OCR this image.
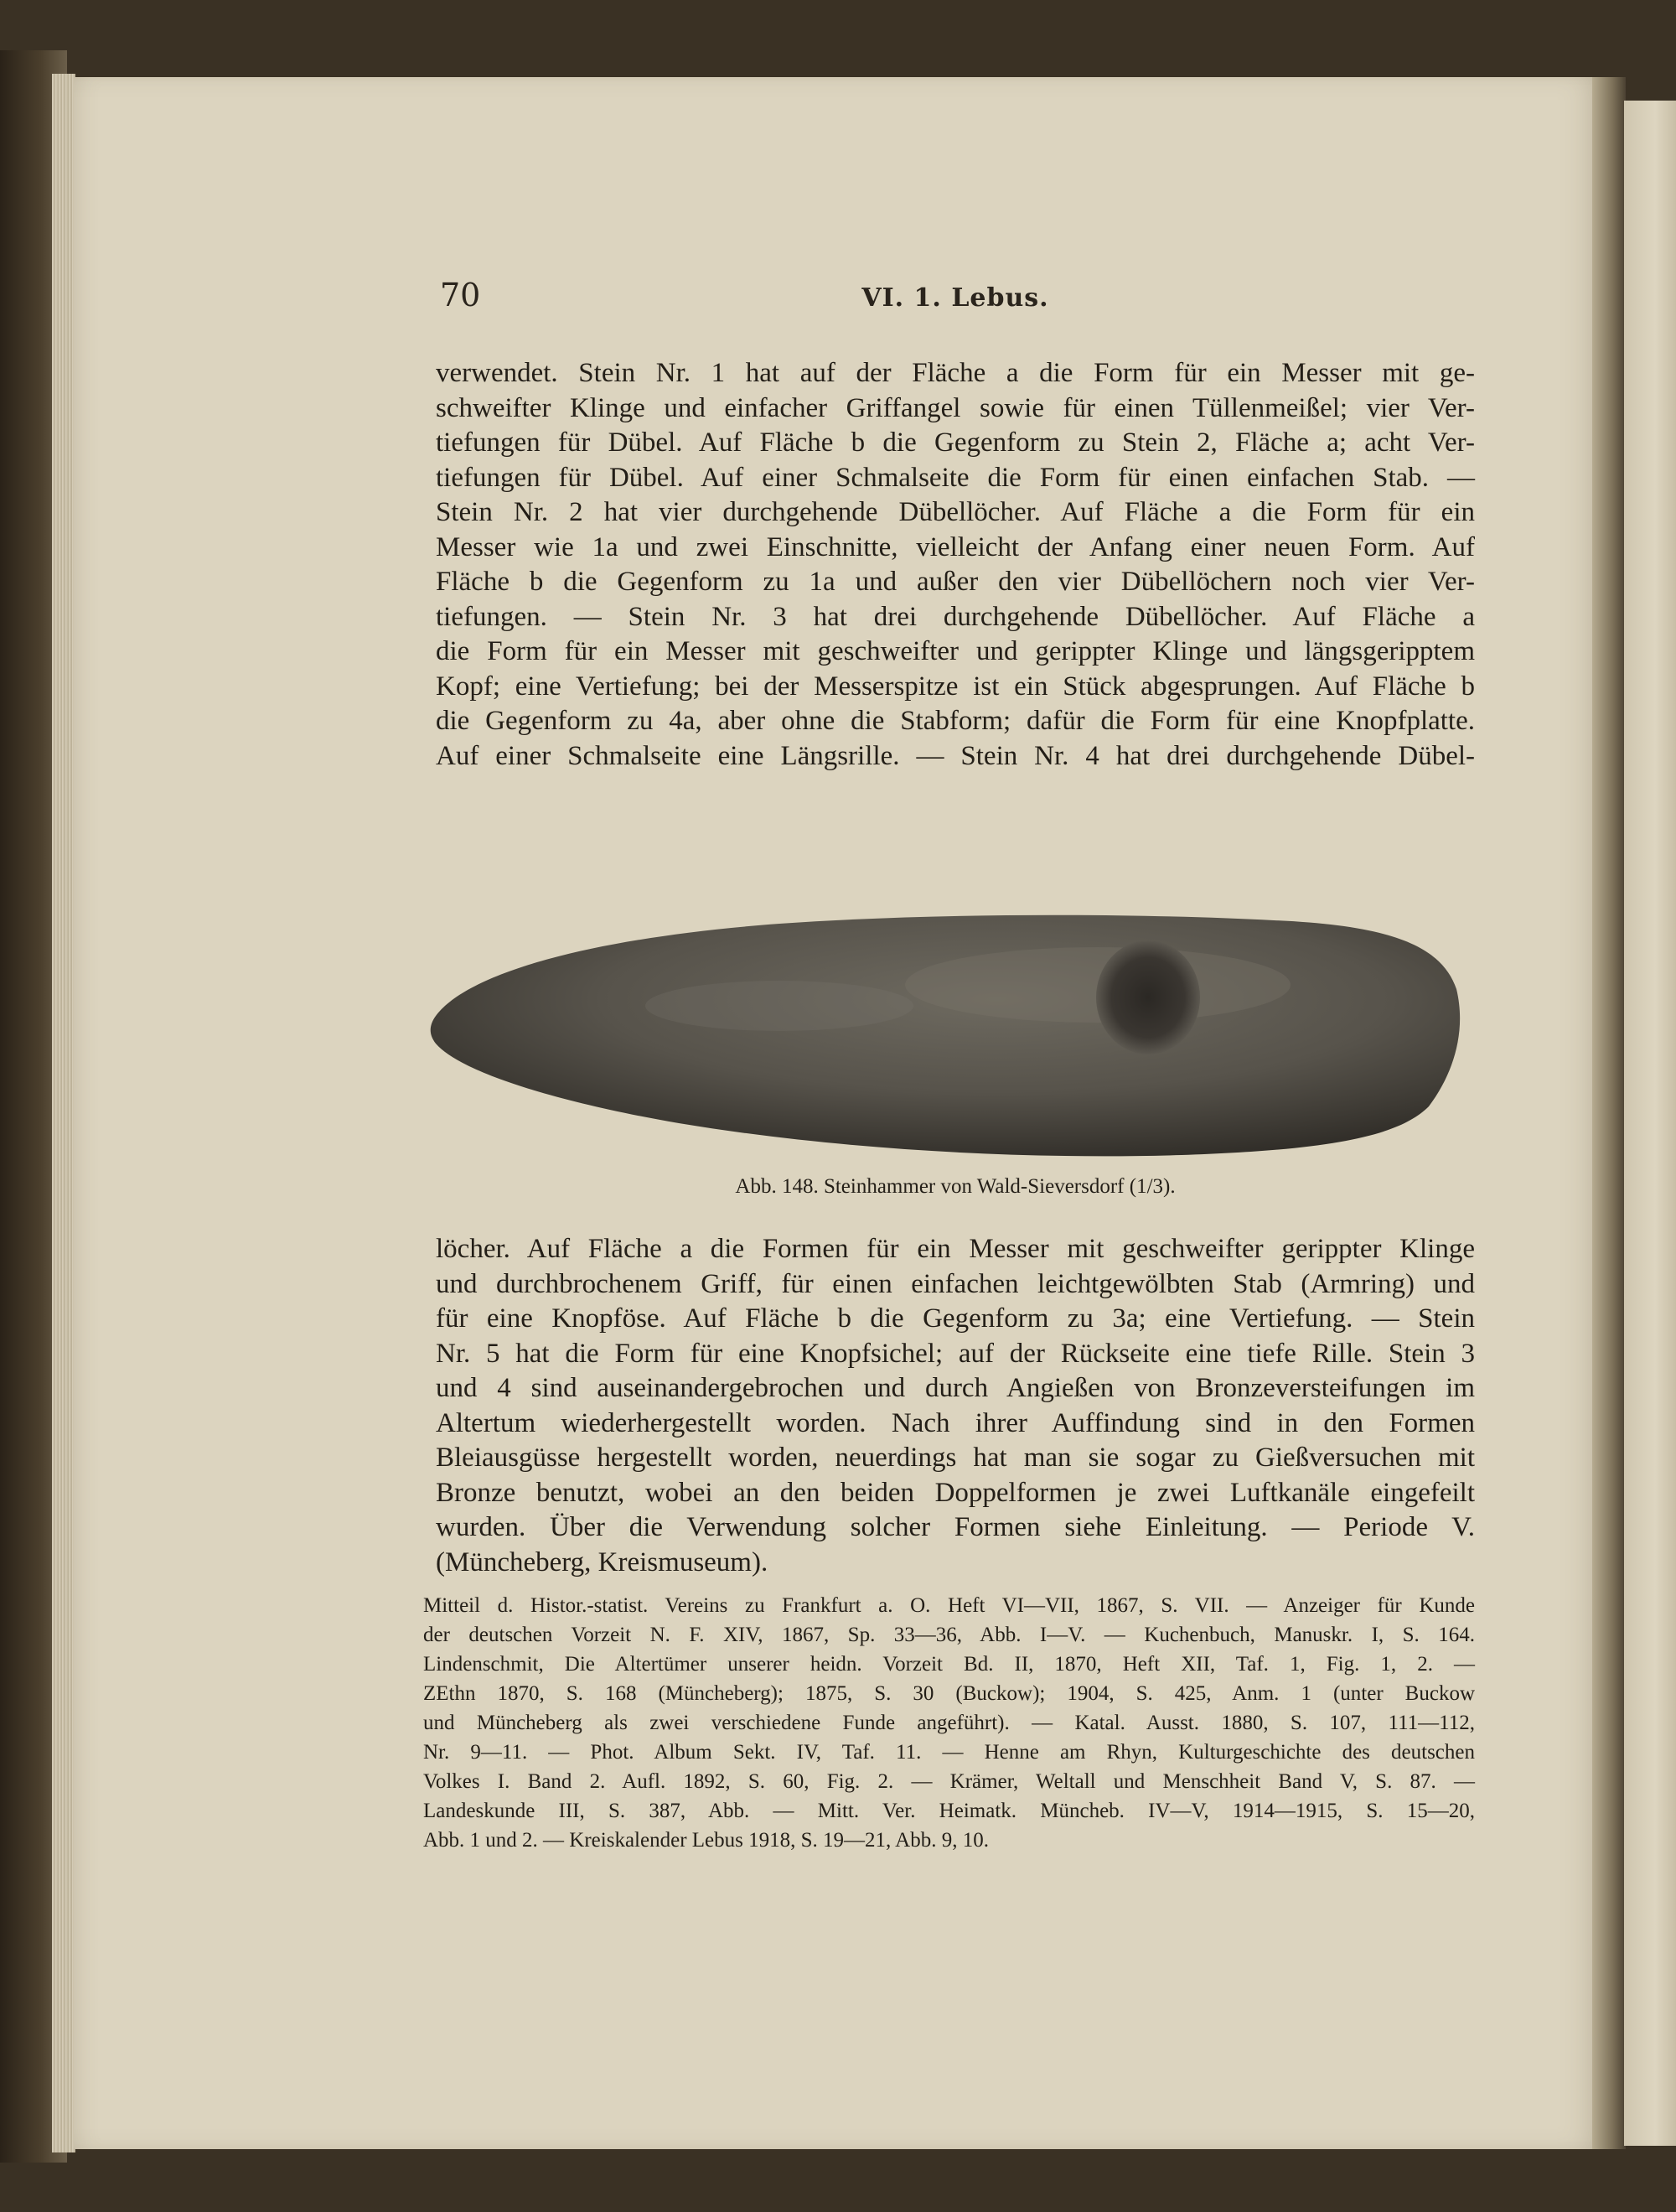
70	VI. 1. Lebus.
verwendet. Stein Nr. 1 hat auf der Fläche a die Form für ein Messer mit ge-
schweifter Klinge und einfacher Griffangel sowie für einen Tüllenmeißel; vier Ver-
tiefungen für Dübel. Auf Fläche b die Gegenform zu Stein 2, Fläche a; acht Ver-
tiefungen für Dübel. Auf einer Schmalseite die Form für einen einfachen Stab. —
Stein Nr. 2 hat vier durchgehende Dübellöcher. Auf Fläche a die Form für ein
Messer wie 1a und zwei Einschnitte, vielleicht der Anfang einer neuen Form. Auf
Fläche b die Gegenform zu 1a und außer den vier Dübellöchern noch vier Ver-
tiefungen. — Stein Nr. 3 hat drei durchgehende Dübellöcher. Auf Fläche a
die Form für ein Messer mit geschweifter und gerippter Klinge und längsgeripptem
Kopf; eine Vertiefung; bei der Messerspitze ist ein Stück abgesprungen. Auf Fläche b
die Gegenform zu 4a, aber ohne die Stabform; dafür die Form für eine Knopfplatte.
Auf einer Schmalseite eine Längsrille. — Stein Nr. 4 hat drei durchgehende Dübel-
Abb. 148. Steinhammer von Wald-Sieversdorf (1/3).
löcher. Auf Fläche a die Formen für ein Messer mit geschweifter gerippter Klinge
und durchbrochenem Griff, für einen einfachen leichtgewölbten Stab (Armring) und
für eine Knopföse. Auf Fläche b die Gegenform zu 3a; eine Vertiefung. — Stein
Nr. 5 hat die Form für eine Knopfsichel; auf der Rückseite eine tiefe Rille. Stein 3
und 4 sind auseinandergebrochen und durch Angießen von Bronzeversteifungen im
Altertum wiederhergestellt worden. Nach ihrer Auffindung sind in den Formen
Bleiausgüsse hergestellt worden, neuerdings hat man sie sogar zu Gießversuchen mit
Bronze benutzt, wobei an den beiden Doppelformen je zwei Luftkanäle eingefeilt
wurden. Über die Verwendung solcher Formen siehe Einleitung. — Periode V.
(Müncheberg, Kreismuseum).
Mitteil d. Histor.-statist. Vereins zu Frankfurt a. O. Heft VI—VII, 1867, S. VII. — Anzeiger für Kunde
der deutschen Vorzeit N. F. XIV, 1867, Sp. 33—36, Abb. I—V. — Kuchenbuch, Manuskr. I, S. 164.
Lindenschmit, Die Altertümer unserer heidn. Vorzeit Bd. II, 1870, Heft XII, Taf. 1, Fig. 1, 2. —
ZEthn 1870, S. 168 (Müncheberg); 1875, S. 30 (Buckow); 1904, S. 425, Anm. 1 (unter Buckow
und Müncheberg als zwei verschiedene Funde angeführt). — Katal. Ausst. 1880, S. 107, 111—112,
Nr. 9—11. — Phot. Album Sekt. IV, Taf. 11. — Henne am Rhyn, Kulturgeschichte des deutschen
Volkes I. Band 2. Aufl. 1892, S. 60, Fig. 2. — Krämer, Weltall und Menschheit Band V, S. 87. —
Landeskunde III, S. 387, Abb. — Mitt. Ver. Heimatk. Müncheb. IV—V, 1914—1915, S. 15—20,
Abb. 1 und 2. — Kreiskalender Lebus 1918, S. 19—21, Abb. 9, 10.
